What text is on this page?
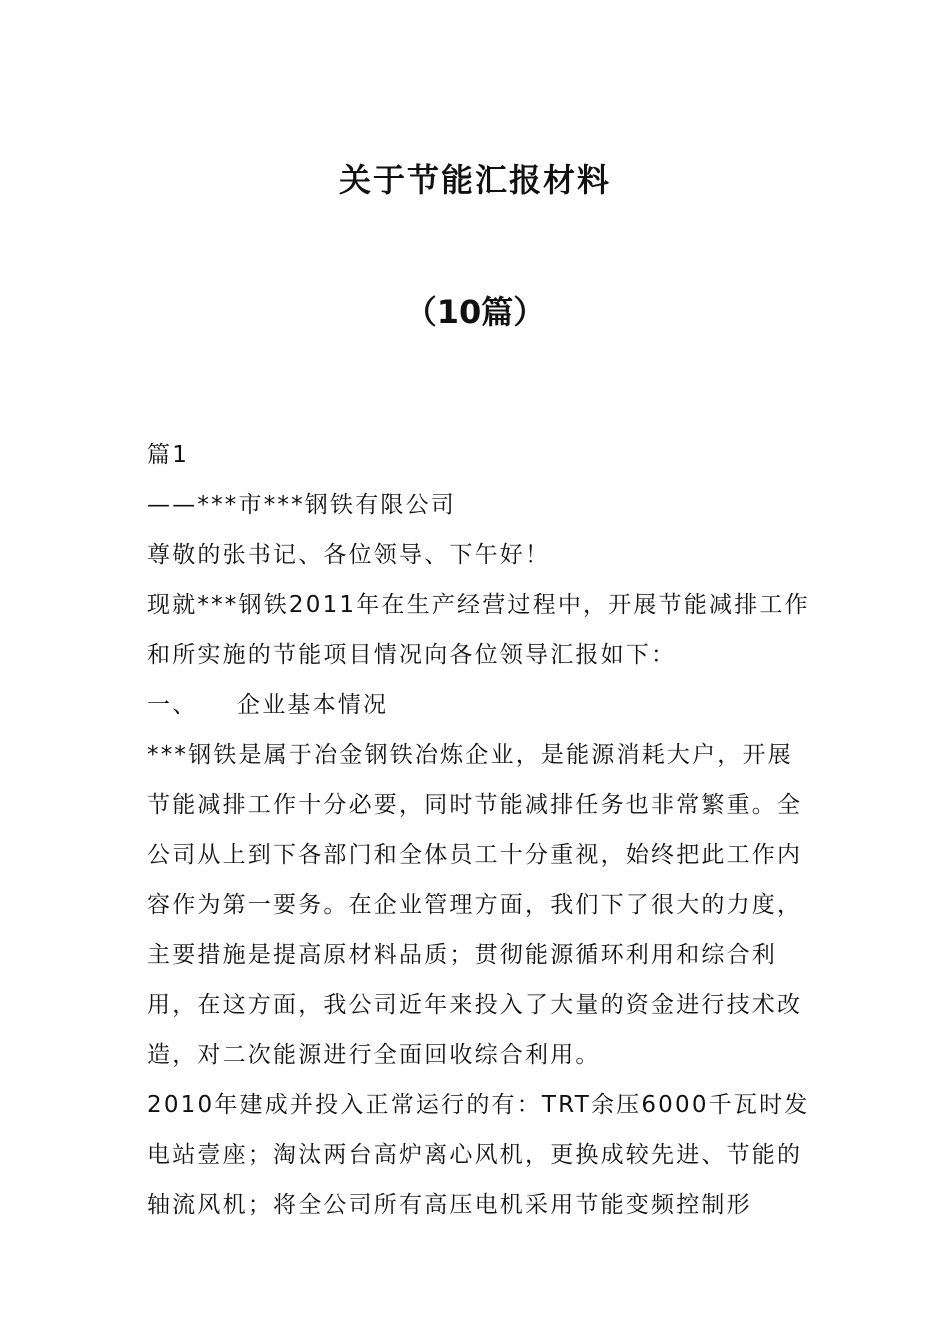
关于节能汇报材料
（10篇）

篇1

——***市***钢铁有限公司

尊敬的张书记、各位领导、下午好！

现就***钢铁2011年在生产经营过程中，开展节能减排工作和所实施的节能项目情况向各位领导汇报如下：

一、 企业基本情况

***钢铁是属于冶金钢铁冶炼企业，是能源消耗大户，开展节能减排工作十分必要，同时节能减排任务也非常繁重。全公司从上到下各部门和全体员工十分重视，始终把此工作内容作为第一要务。在企业管理方面，我们下了很大的力度，主要措施是提高原材料品质；贯彻能源循环利用和综合利用，在这方面，我公司近年来投入了大量的资金进行技术改造，对二次能源进行全面回收综合利用。

2010年建成并投入正常运行的有：TRT余压6000千瓦时发电站壹座；淘汰两台高炉离心风机，更换成较先进、节能的轴流风机；将全公司所有高压电机采用节能变频控制形
